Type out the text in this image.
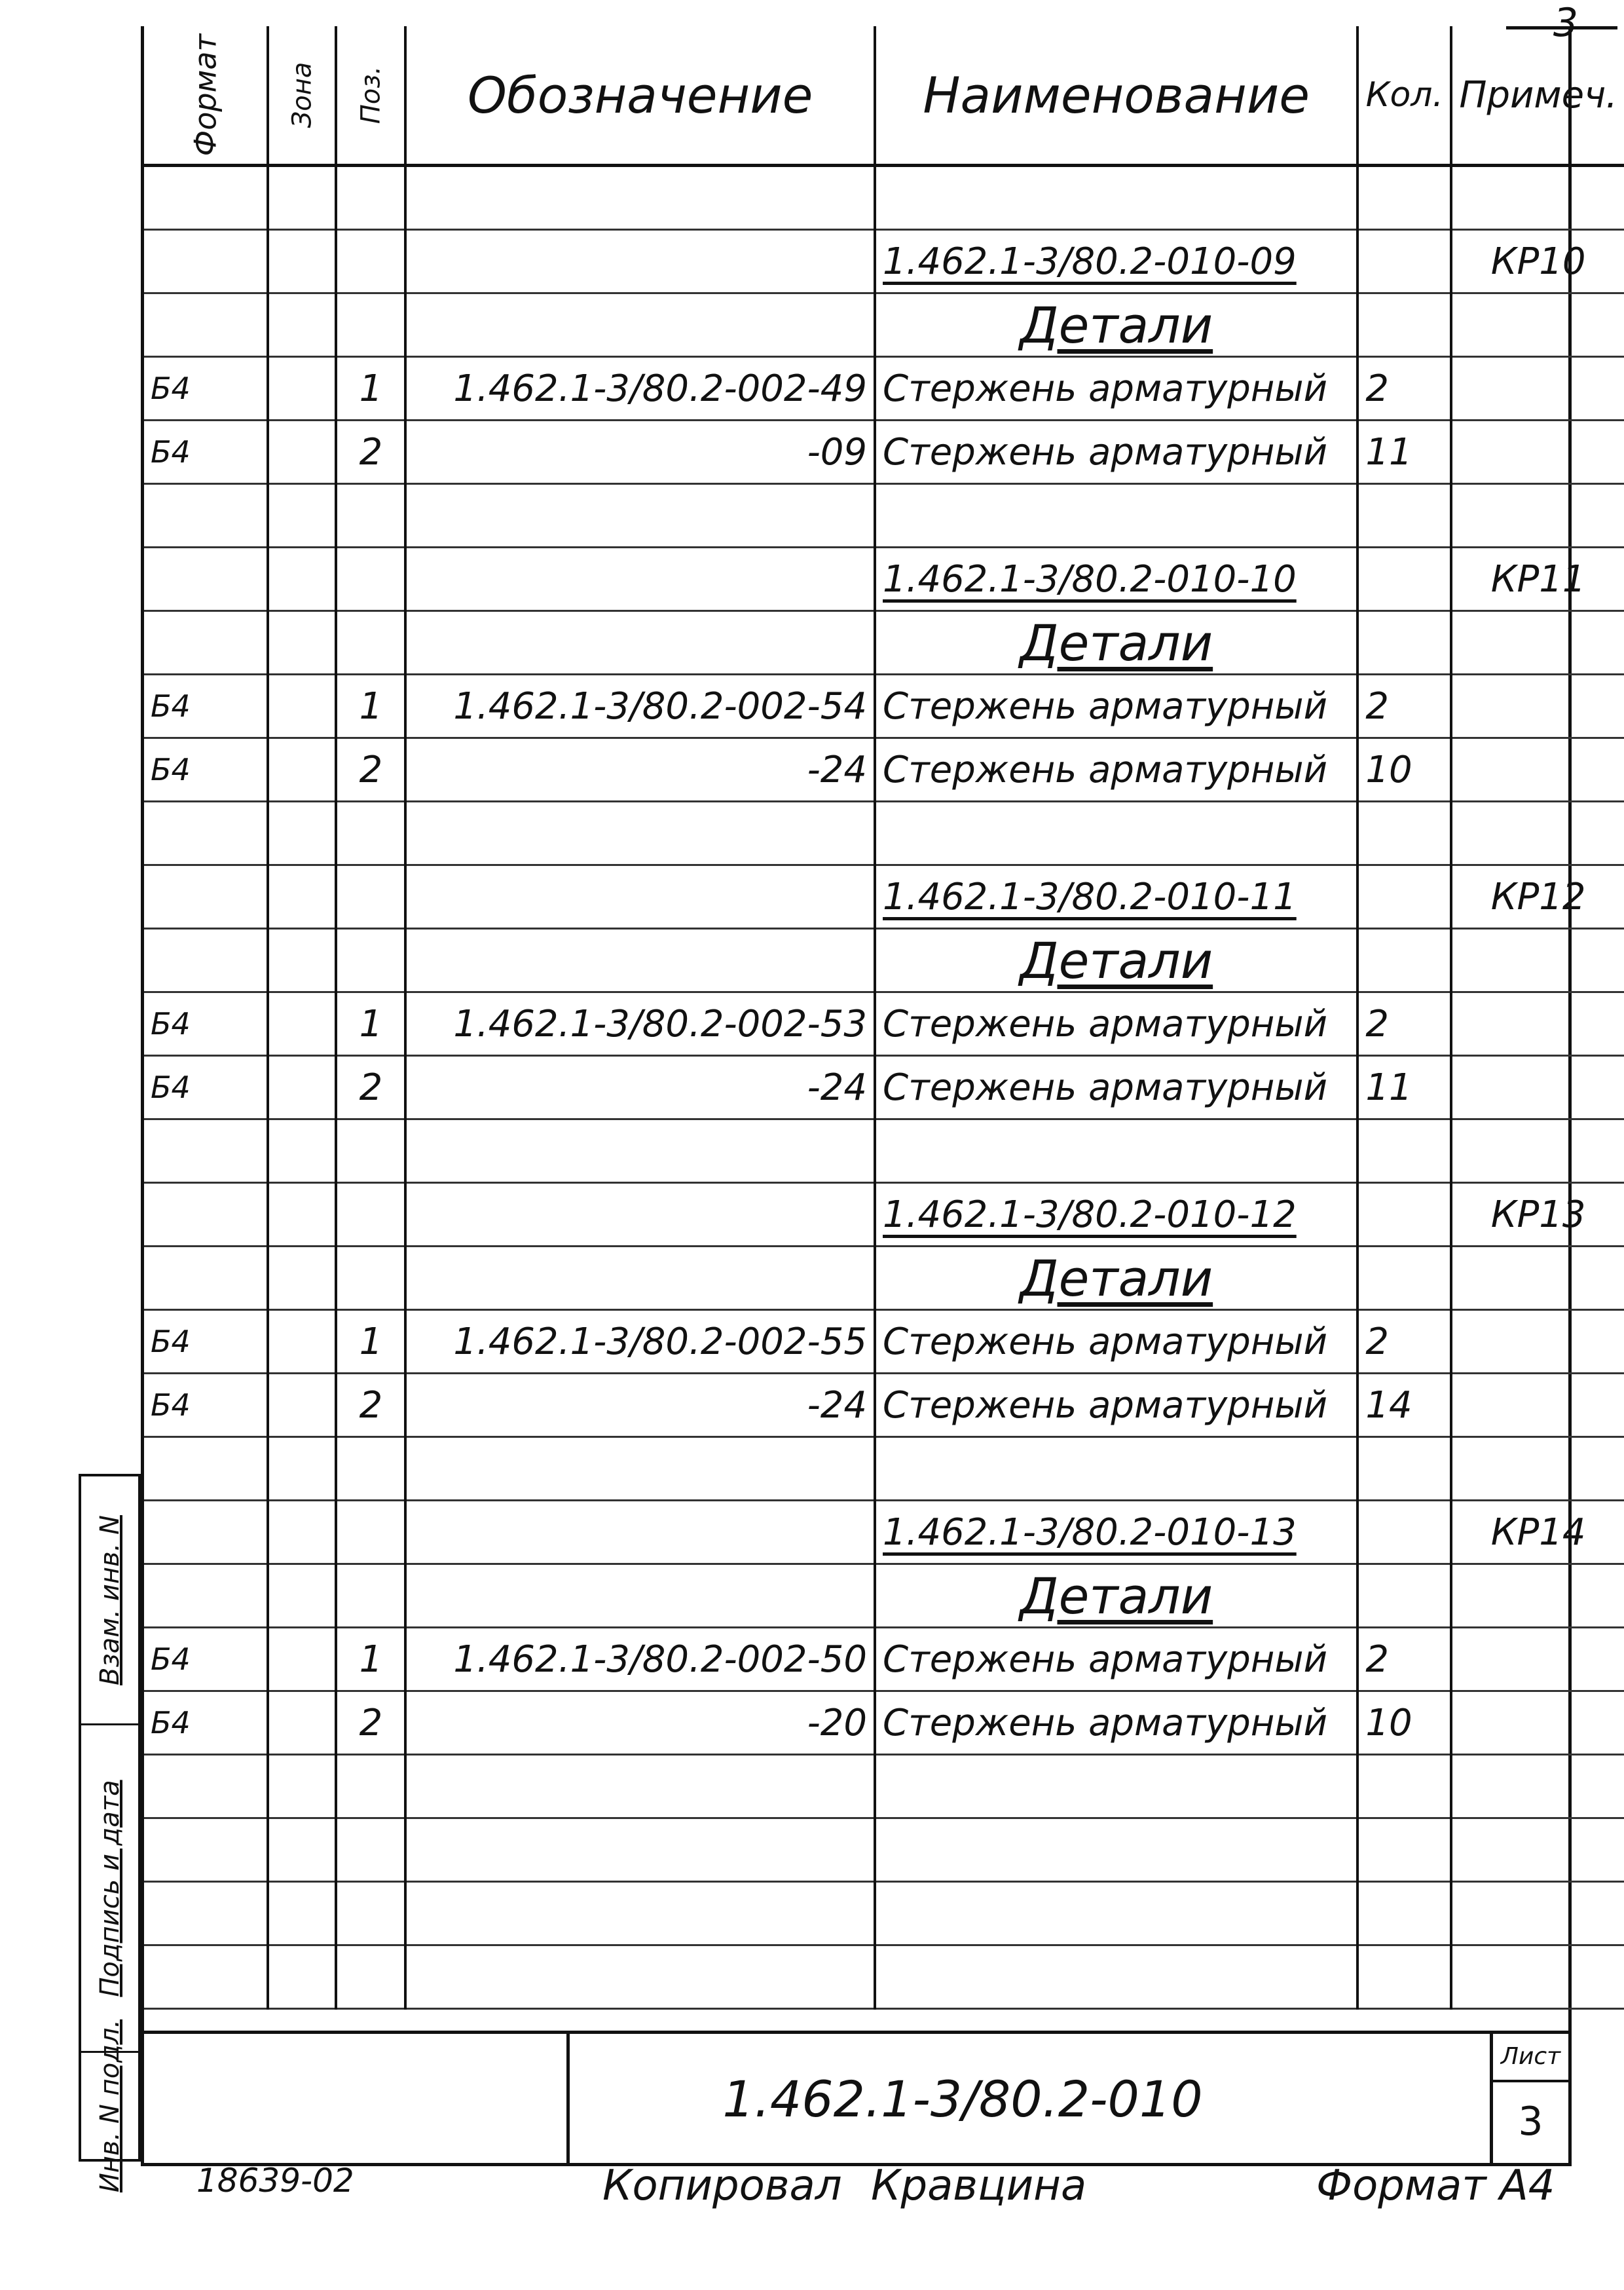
Формат	Зона	Поз.	Обозначение	Наименование	Кол.	Примеч.

				1.462.1-3/80.2-010-09		КР10
				Детали		
Б4		1	1.462.1-3/80.2-002-49	Стержень арматурный	2	
Б4		2	-09	Стержень арматурный	11	

				1.462.1-3/80.2-010-10		КР11
				Детали		
Б4		1	1.462.1-3/80.2-002-54	Стержень арматурный	2	
Б4		2	-24	Стержень арматурный	10	

				1.462.1-3/80.2-010-11		КР12
				Детали		
Б4		1	1.462.1-3/80.2-002-53	Стержень арматурный	2	
Б4		2	-24	Стержень арматурный	11	

				1.462.1-3/80.2-010-12		КР13
				Детали		
Б4		1	1.462.1-3/80.2-002-55	Стержень арматурный	2	
Б4		2	-24	Стержень арматурный	14	

				1.462.1-3/80.2-010-13		КР14
				Детали		
Б4		1	1.462.1-3/80.2-002-50	Стержень арматурный	2	
Б4		2	-20	Стержень арматурный	10	

Взам. инв. N
Подпись и дата
Инв. N подл.	1.462.1-3/80.2-010
Лист
3
18639-02	Копировал Кравцина	Формат А4
3
